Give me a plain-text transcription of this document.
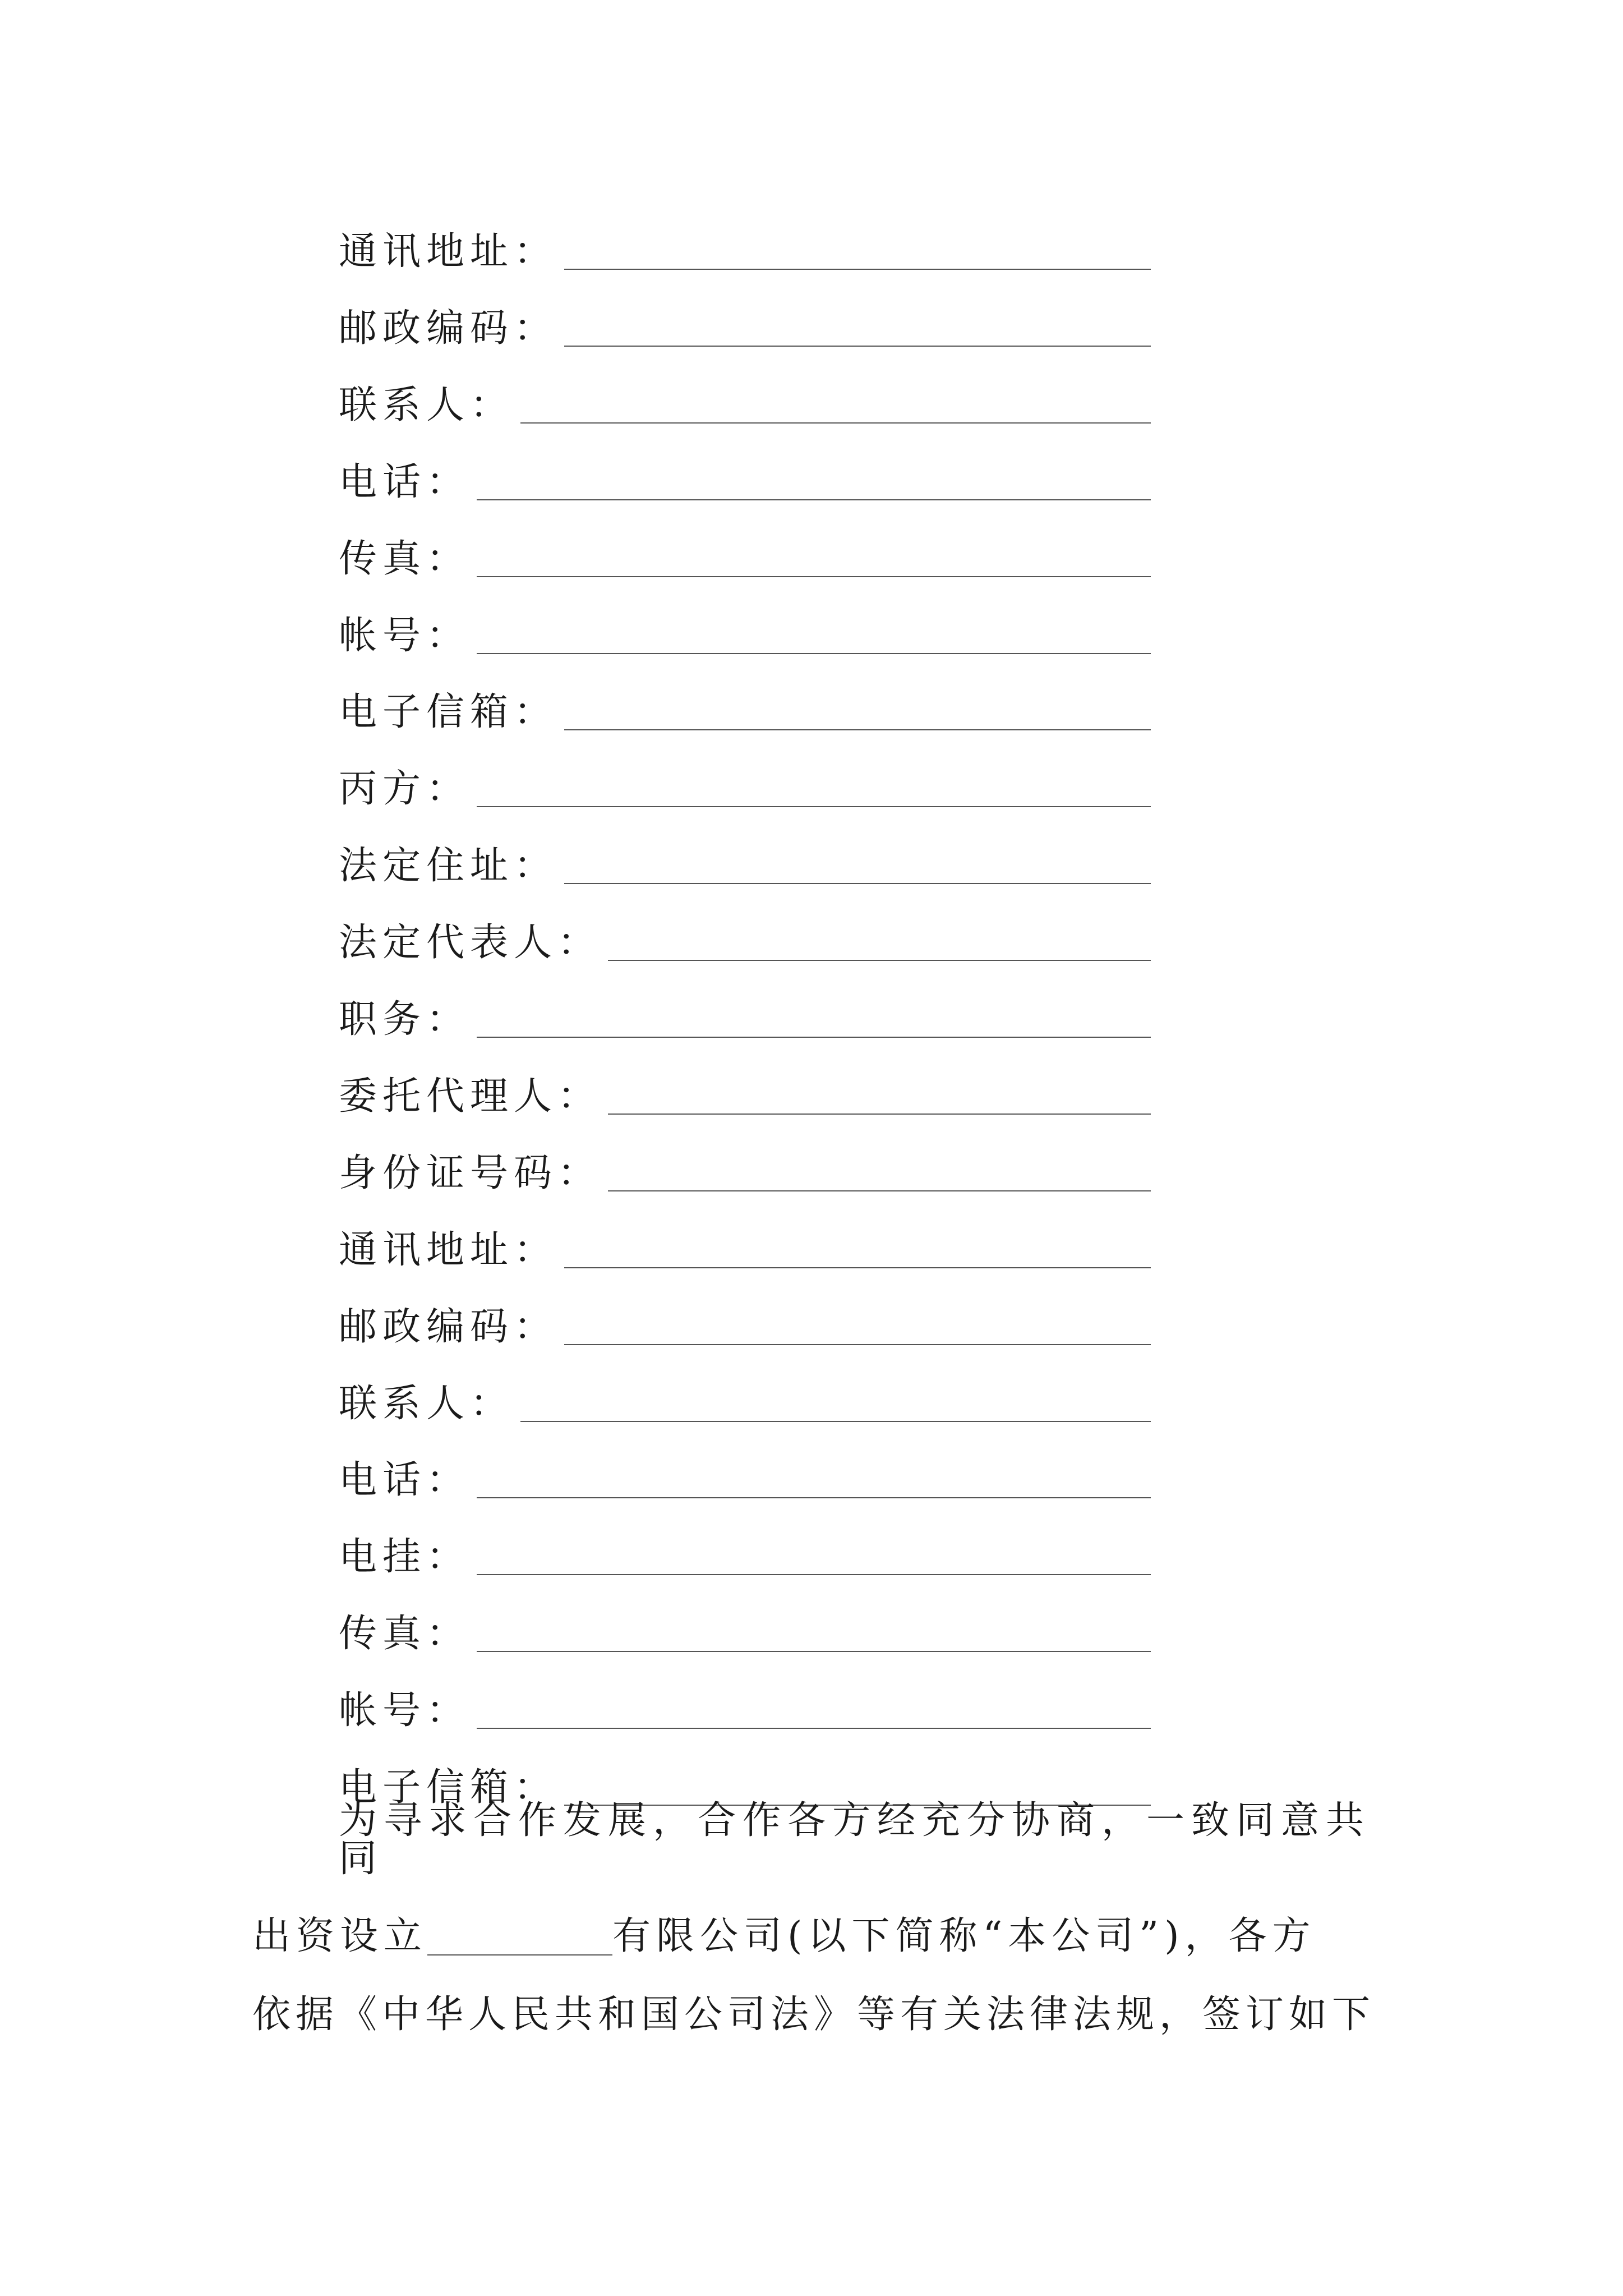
通讯地址：
邮政编码：
联系人：
电话：
传真：
帐号：
电子信箱：
丙方：
法定住址：
法定代表人：
职务：
委托代理人：
身份证号码：
通讯地址：
邮政编码：
联系人：
电话：
电挂：
传真：
帐号：
电子信箱：
为寻求合作发展，合作各方经充分协商，一致同意共同
出资设立	有限公司(以下简称“本公司”)，各方
依据《中华人民共和国公司法》等有关法律法规，签订如下
